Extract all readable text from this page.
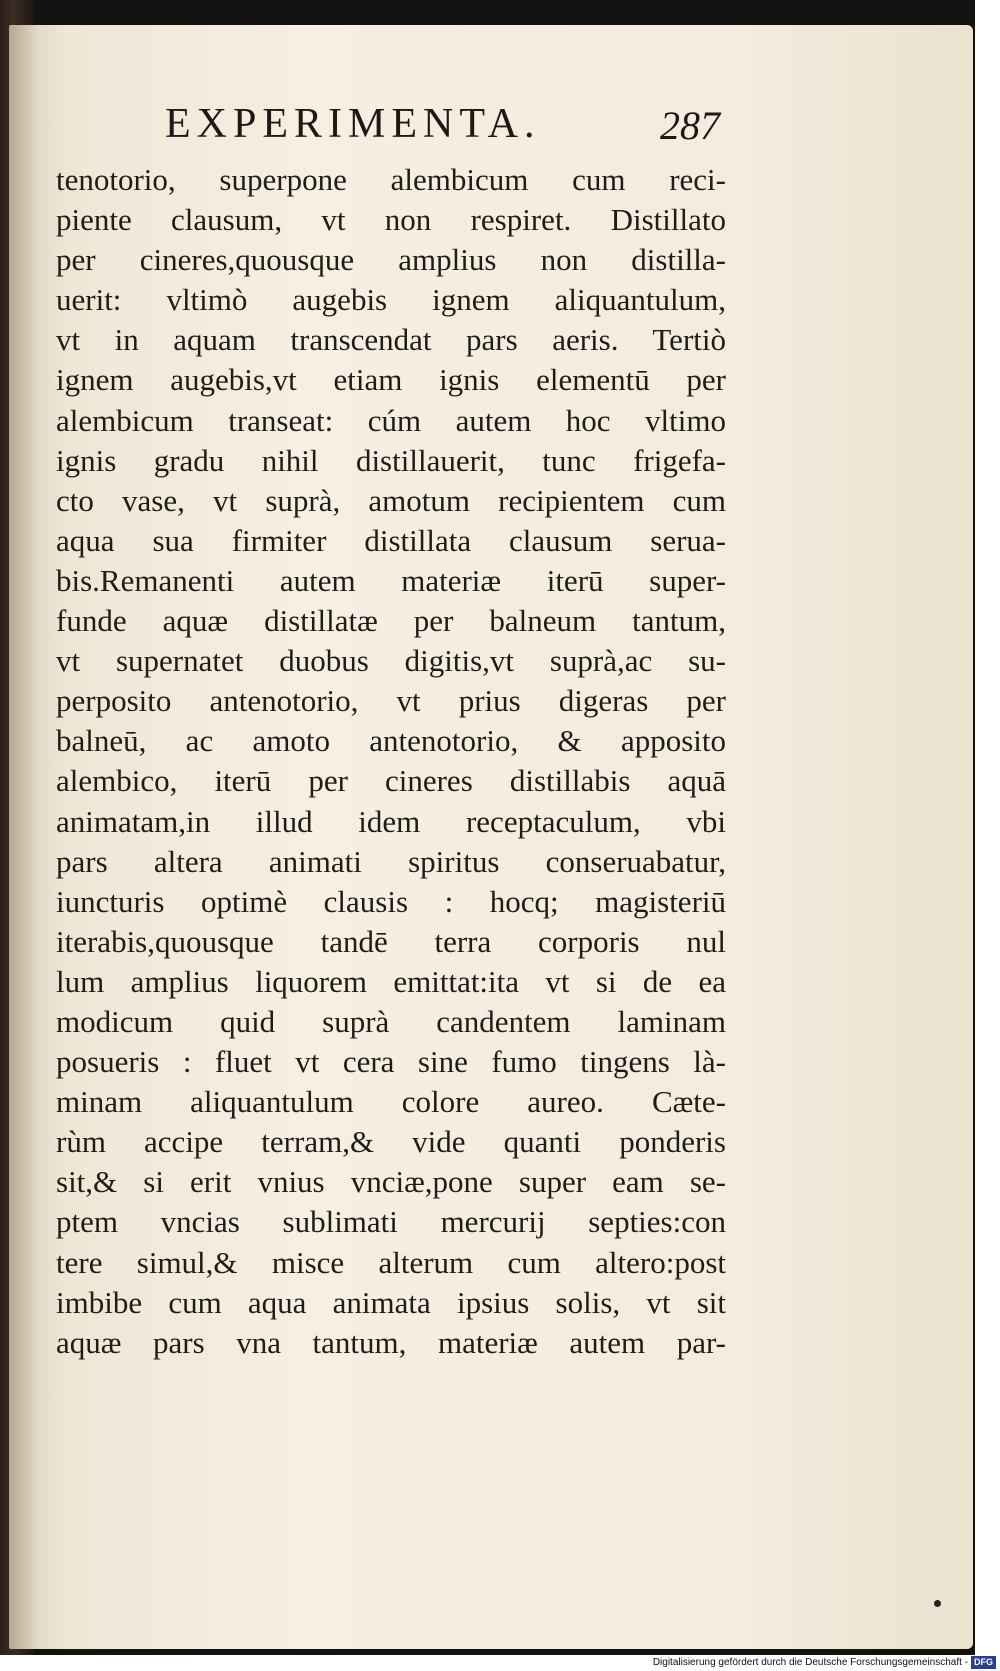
EXPERIMENTA.	287
tenotorio, superpone alembicum cum reci-
piente clausum, vt non respiret. Distillato
per cineres,quousque amplius non distilla-
uerit: vltimò augebis ignem aliquantulum,
vt in aquam transcendat pars aeris. Tertiò
ignem augebis,vt etiam ignis elementū per
alembicum transeat: cúm autem hoc vltimo
ignis gradu nihil distillauerit, tunc frigefa-
cto vase, vt suprà, amotum recipientem cum
aqua sua firmiter distillata clausum serua-
bis.Remanenti autem materiæ iterū super-
funde aquæ distillatæ per balneum tantum,
vt supernatet duobus digitis,vt suprà,ac su-
perposito antenotorio, vt prius digeras per
balneū, ac amoto antenotorio, & apposito
alembico, iterū per cineres distillabis aquā
animatam,in illud idem receptaculum, vbi
pars altera animati spiritus conseruabatur,
iuncturis optimè clausis : hocq; magisteriū
iterabis,quousque tandē terra corporis nul
lum amplius liquorem emittat:ita vt si de ea
modicum quid suprà candentem laminam
posueris : fluet vt cera sine fumo tingens là-
minam aliquantulum colore aureo. Cæte-
rùm accipe terram,& vide quanti ponderis
sit,& si erit vnius vnciæ,pone super eam se-
ptem vncias sublimati mercurij septies:con
tere simul,& misce alterum cum altero:post
imbibe cum aqua animata ipsius solis, vt sit
aquæ pars vna tantum, materiæ autem par-
Digitalisierung gefördert durch die Deutsche Forschungsgemeinschaft - DFG
